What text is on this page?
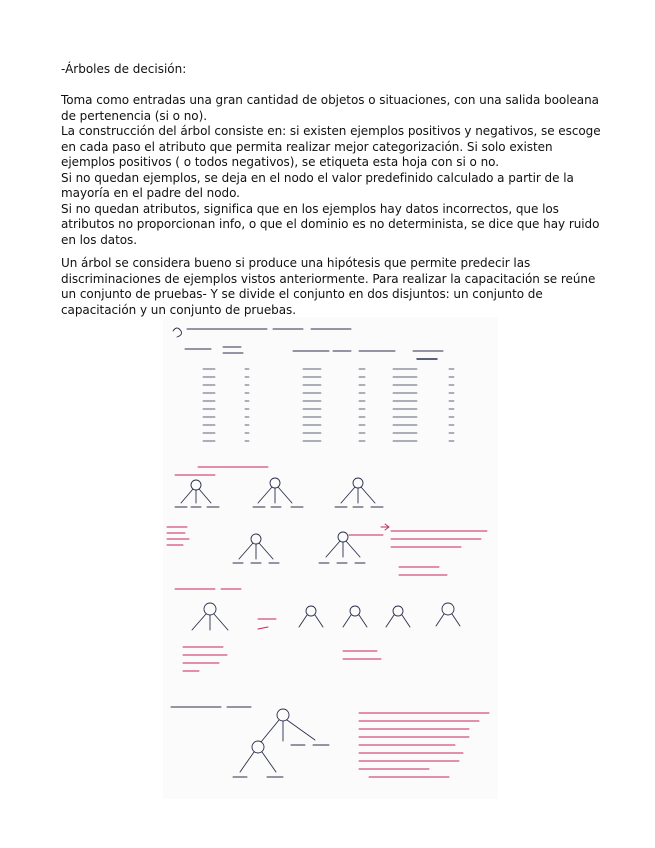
-Árboles de decisión:

Toma como entradas una gran cantidad de objetos o situaciones, con una salida booleana de pertenencia (si o no).

La construcción del árbol consiste en: si existen ejemplos positivos y negativos, se escoge en cada paso el atributo que permita realizar mejor categorización. Si solo existen ejemplos positivos ( o todos negativos), se etiqueta esta hoja con si o no.

Si no quedan ejemplos, se deja en el nodo el valor predefinido calculado a partir de la mayoría en el padre del nodo.

Si no quedan atributos, significa que en los ejemplos hay datos incorrectos, que los atributos no proporcionan info, o que el dominio es no determinista, se dice que hay ruido en los datos.

Un árbol se considera bueno si produce una hipótesis que permite predecir las discriminaciones de ejemplos vistos anteriormente. Para realizar la capacitación se reúne un conjunto de pruebas- Y se divide el conjunto en dos disjuntos: un conjunto de capacitación y un conjunto de pruebas.
